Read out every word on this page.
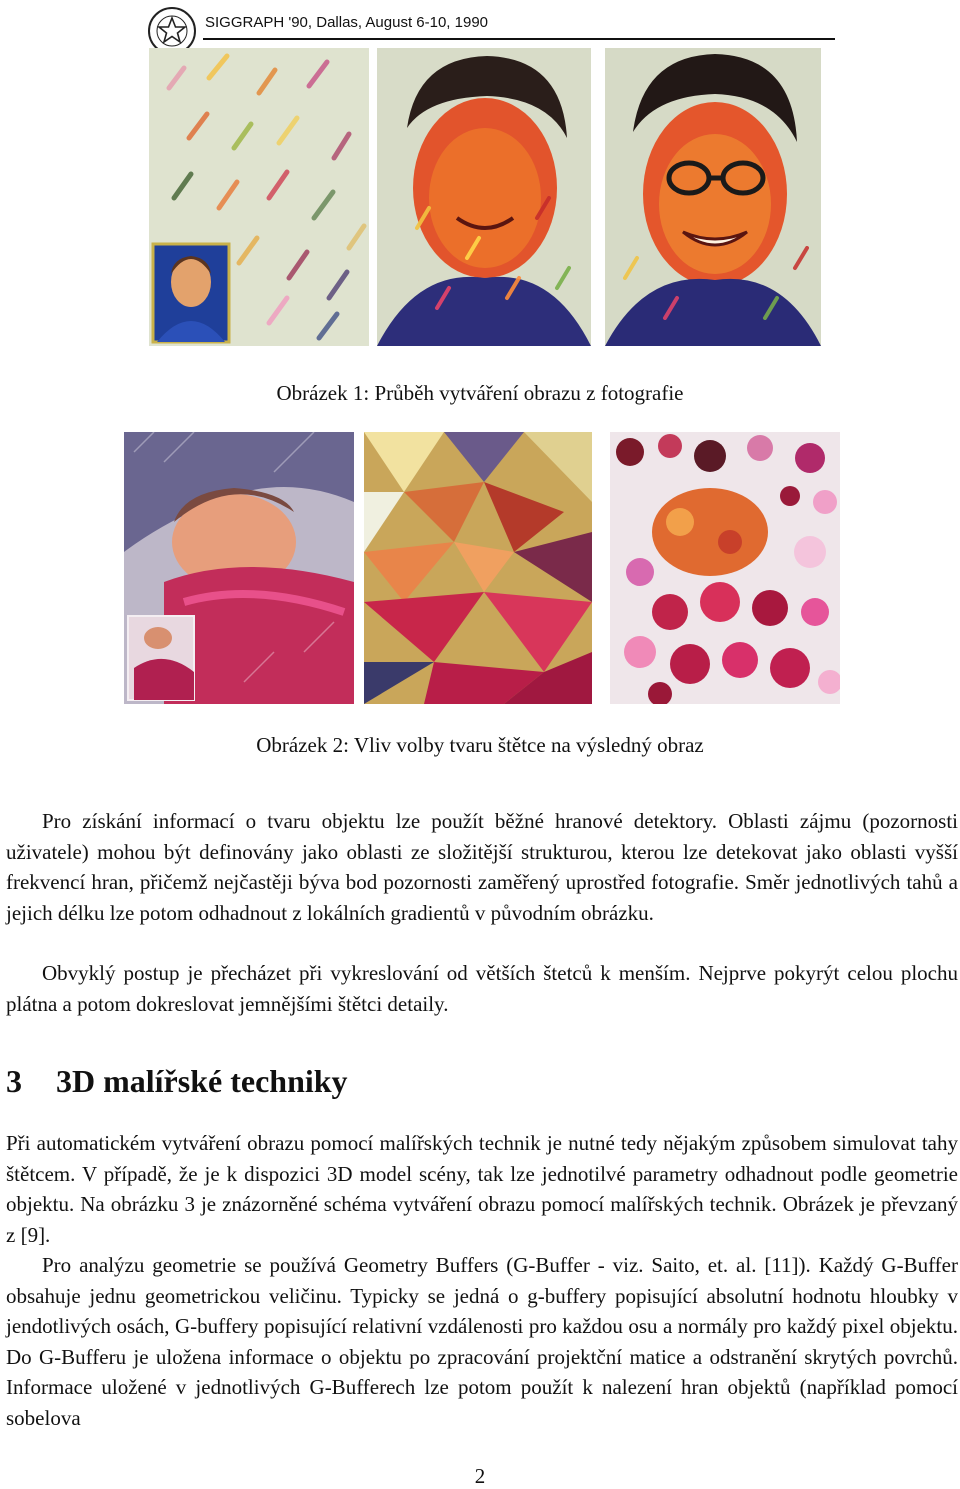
SIGGRAPH '90, Dallas, August 6-10, 1990
Obrázek 1: Průběh vytváření obrazu z fotografie
Obrázek 2: Vliv volby tvaru štětce na výsledný obraz

Pro získání informací o tvaru objektu lze použít běžné hranové detektory. Oblasti zájmu (pozornosti uživatele) mohou být definovány jako oblasti ze složitější strukturou, kterou lze detekovat jako oblasti vyšší frekvencí hran, přičemž nejčastěji býva bod pozornosti zaměřený uprostřed fotografie. Směr jednotlivých tahů a jejich délku lze potom odhadnout z lokálních gradientů v původním obrázku.

Obvyklý postup je přecházet při vykreslování od větších štetců k menším. Nejprve pokyrýt celou plochu plátna a potom dokreslovat jemnějšími štětci detaily.

3 3D malířské techniky

Při automatickém vytváření obrazu pomocí malířských technik je nutné tedy nějakým způsobem simulovat tahy štětcem. V případě, že je k dispozici 3D model scény, tak lze jednotilvé parametry odhadnout podle geometrie objektu. Na obrázku 3 je znázorněné schéma vytváření obrazu pomocí malířských technik. Obrázek je převzaný z [9].

Pro analýzu geometrie se používá Geometry Buffers (G-Buffer - viz. Saito, et. al. [11]). Každý G-Buffer obsahuje jednu geometrickou veličinu. Typicky se jedná o g-buffery popisující absolutní hodnotu hloubky v jendotlivých osách, G-buffery popisující relativní vzdálenosti pro každou osu a normály pro každý pixel objektu. Do G-Bufferu je uložena informace o objektu po zpracování projektční matice a odstranění skrytých povrchů. Informace uložené v jednotlivých G-Bufferech lze potom použít k nalezení hran objektů (například pomocí sobelova

2
